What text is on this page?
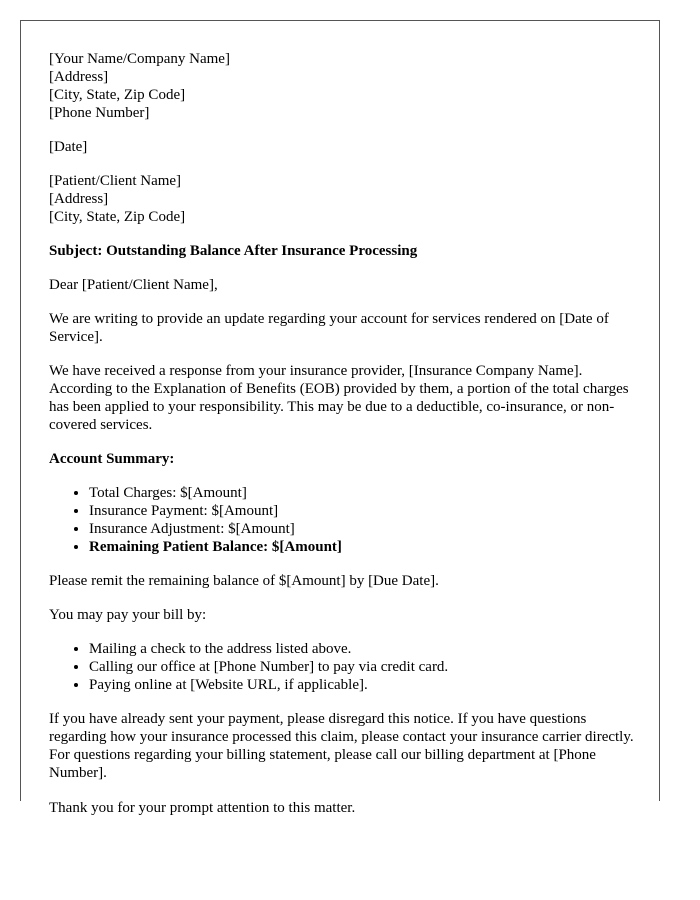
[Your Name/Company Name]
[Address]
[City, State, Zip Code]
[Phone Number]
[Date]
[Patient/Client Name]
[Address]
[City, State, Zip Code]
Subject: Outstanding Balance After Insurance Processing

Dear [Patient/Client Name],

We are writing to provide an update regarding your account for services rendered on [Date of Service].

We have received a response from your insurance provider, [Insurance Company Name]. According to the Explanation of Benefits (EOB) provided by them, a portion of the total charges has been applied to your responsibility. This may be due to a deductible, co-insurance, or non-covered services.

Account Summary:
• Total Charges: $[Amount]
• Insurance Payment: $[Amount]
• Insurance Adjustment: $[Amount]
• Remaining Patient Balance: $[Amount]

Please remit the remaining balance of $[Amount] by [Due Date].

You may pay your bill by:

• Mailing a check to the address listed above.
• Calling our office at [Phone Number] to pay via credit card.
• Paying online at [Website URL, if applicable].

If you have already sent your payment, please disregard this notice. If you have questions regarding how your insurance processed this claim, please contact your insurance carrier directly. For questions regarding your billing statement, please call our billing department at [Phone Number].

Thank you for your prompt attention to this matter.
